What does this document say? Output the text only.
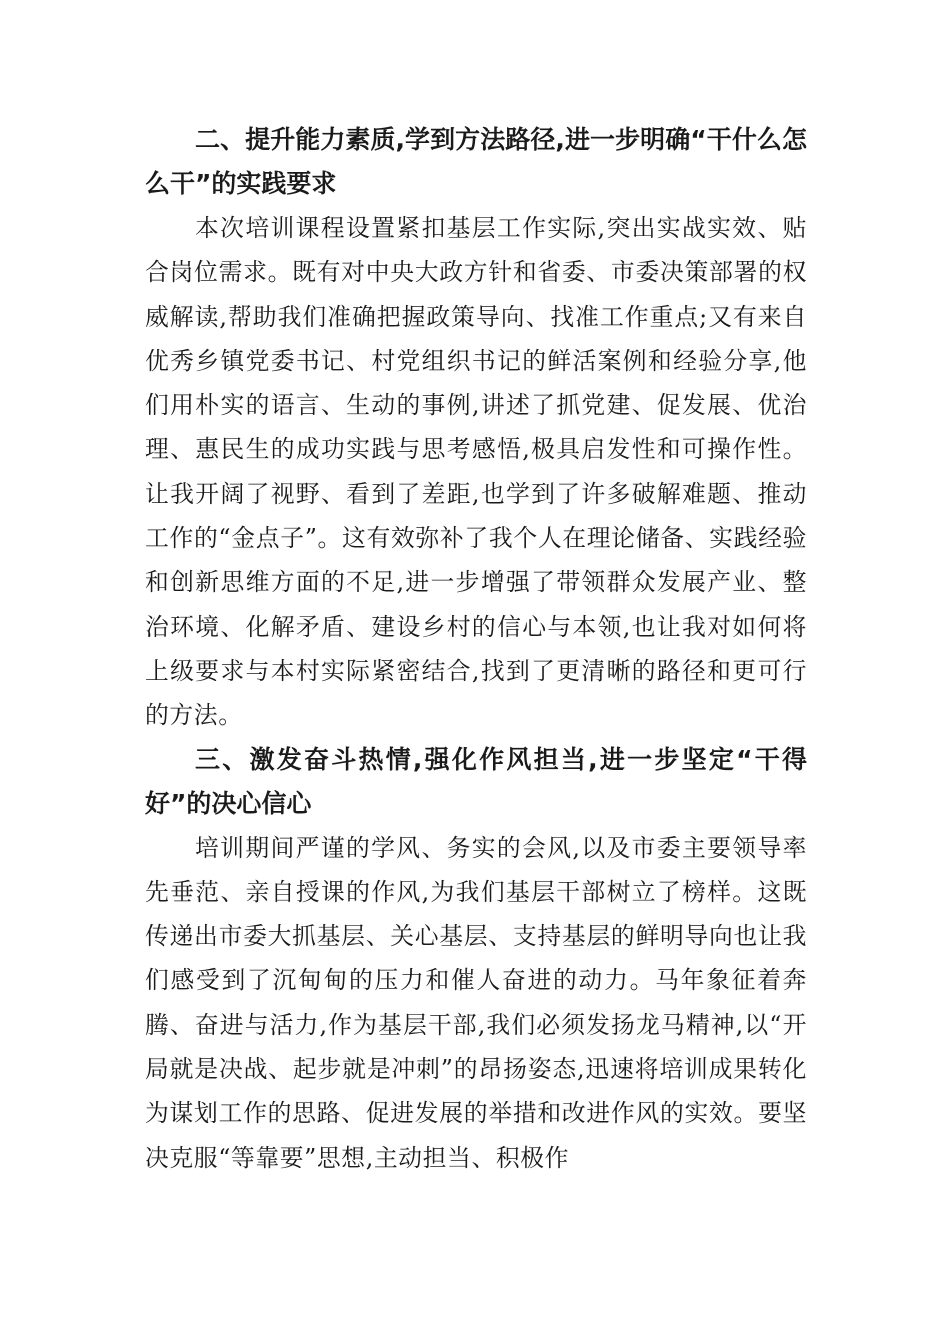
二、提升能力素质,学到方法路径,进一步明确“干什么怎么干”的实践要求

本次培训课程设置紧扣基层工作实际,突出实战实效、贴合岗位需求。既有对中央大政方针和省委、市委决策部署的权威解读,帮助我们准确把握政策导向、找准工作重点;又有来自优秀乡镇党委书记、村党组织书记的鲜活案例和经验分享,他们用朴实的语言、生动的事例,讲述了抓党建、促发展、优治理、惠民生的成功实践与思考感悟,极具启发性和可操作性。让我开阔了视野、看到了差距,也学到了许多破解难题、推动工作的“金点子”。这有效弥补了我个人在理论储备、实践经验和创新思维方面的不足,进一步增强了带领群众发展产业、整治环境、化解矛盾、建设乡村的信心与本领,也让我对如何将上级要求与本村实际紧密结合,找到了更清晰的路径和更可行的方法。

三、激发奋斗热情,强化作风担当,进一步坚定“干得好”的决心信心

培训期间严谨的学风、务实的会风,以及市委主要领导率先垂范、亲自授课的作风,为我们基层干部树立了榜样。这既传递出市委大抓基层、关心基层、支持基层的鲜明导向也让我们感受到了沉甸甸的压力和催人奋进的动力。马年象征着奔腾、奋进与活力,作为基层干部,我们必须发扬龙马精神,以“开局就是决战、起步就是冲刺”的昂扬姿态,迅速将培训成果转化为谋划工作的思路、促进发展的举措和改进作风的实效。要坚决克服“等靠要”思想,主动担当、积极作
